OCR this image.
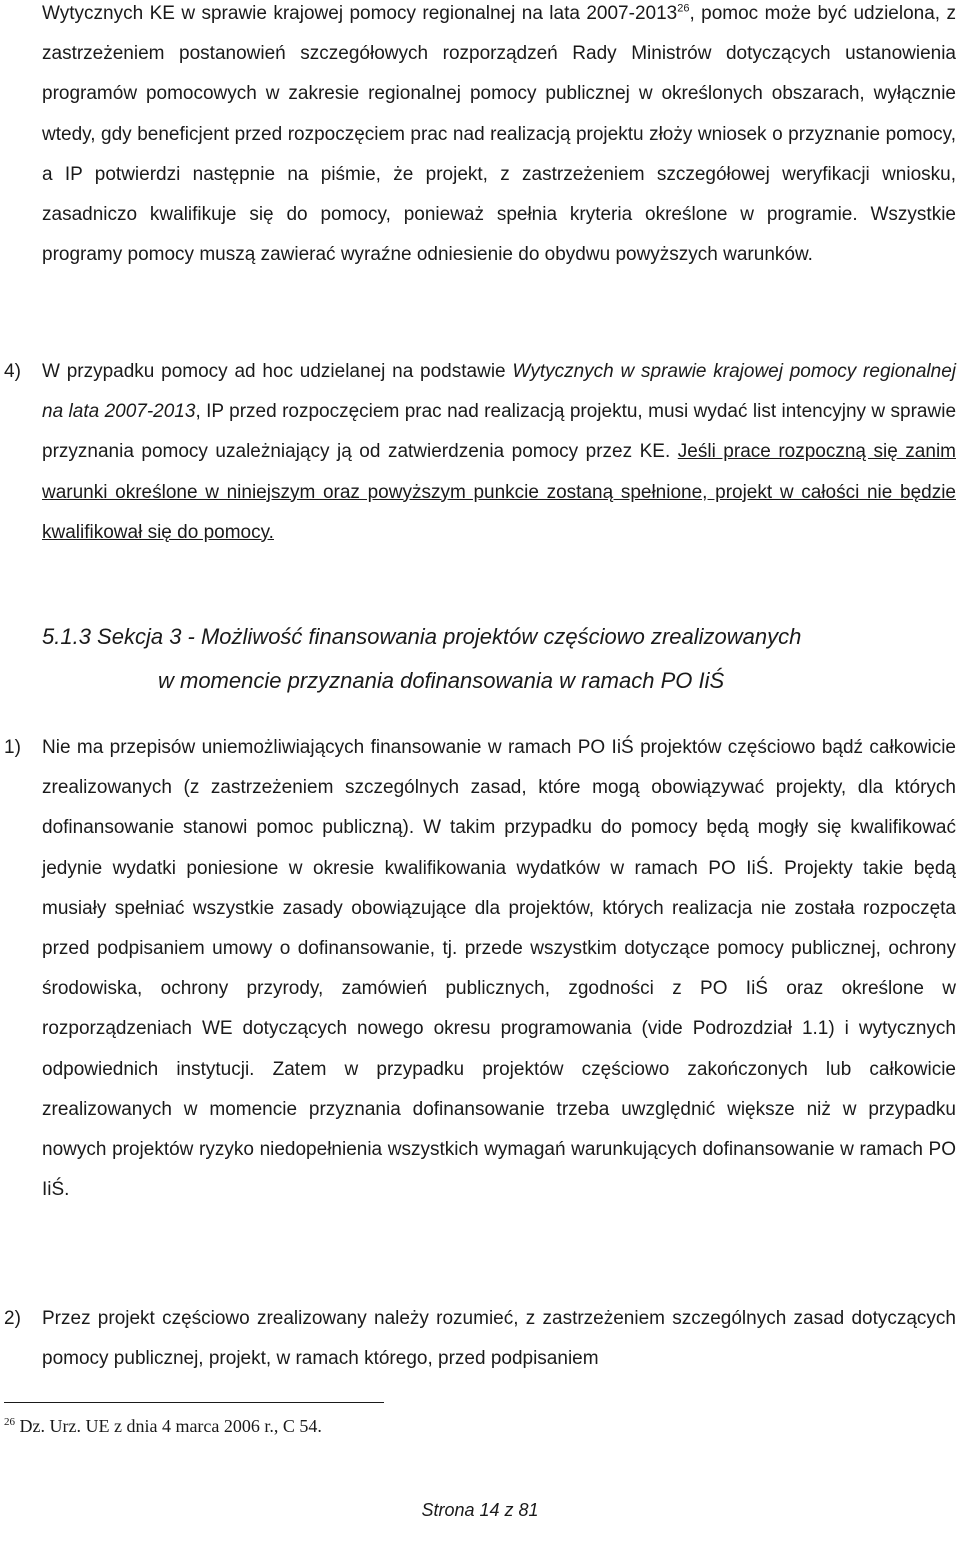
Wytycznych KE w sprawie krajowej pomocy regionalnej na lata 2007-2013$^{26}$, pomoc może być udzielona, z zastrzeżeniem postanowień szczegółowych rozporządzeń Rady Ministrów dotyczących ustanowienia programów pomocowych w zakresie regionalnej pomocy publicznej w określonych obszarach, wyłącznie wtedy, gdy beneficjent przed rozpoczęciem prac nad realizacją projektu złoży wniosek o przyznanie pomocy, a IP potwierdzi następnie na piśmie, że projekt, z zastrzeżeniem szczegółowej weryfikacji wniosku, zasadniczo kwalifikuje się do pomocy, ponieważ spełnia kryteria określone w programie. Wszystkie programy pomocy muszą zawierać wyraźne odniesienie do obydwu powyższych warunków.

4) W przypadku pomocy ad hoc udzielanej na podstawie Wytycznych w sprawie krajowej pomocy regionalnej na lata 2007-2013, IP przed rozpoczęciem prac nad realizacją projektu, musi wydać list intencyjny w sprawie przyznania pomocy uzależniający ją od zatwierdzenia pomocy przez KE. Jeśli prace rozpoczną się zanim warunki określone w niniejszym oraz powyższym punkcie zostaną spełnione, projekt w całości nie będzie kwalifikował się do pomocy.

5.1.3 Sekcja 3 - Możliwość finansowania projektów częściowo zrealizowanych
w momencie przyznania dofinansowania w ramach PO IiŚ
1) Nie ma przepisów uniemożliwiających finansowanie w ramach PO IiŚ projektów częściowo bądź całkowicie zrealizowanych (z zastrzeżeniem szczególnych zasad, które mogą obowiązywać projekty, dla których dofinansowanie stanowi pomoc publiczną). W takim przypadku do pomocy będą mogły się kwalifikować jedynie wydatki poniesione w okresie kwalifikowania wydatków w ramach PO IiŚ. Projekty takie będą musiały spełniać wszystkie zasady obowiązujące dla projektów, których realizacja nie została rozpoczęta przed podpisaniem umowy o dofinansowanie, tj. przede wszystkim dotyczące pomocy publicznej, ochrony środowiska, ochrony przyrody, zamówień publicznych, zgodności z PO IiŚ oraz określone w rozporządzeniach WE dotyczących nowego okresu programowania (vide Podrozdział 1.1) i wytycznych odpowiednich instytucji. Zatem w przypadku projektów częściowo zakończonych lub całkowicie zrealizowanych w momencie przyznania dofinansowanie trzeba uwzględnić większe niż w przypadku nowych projektów ryzyko niedopełnienia wszystkich wymagań warunkujących dofinansowanie w ramach PO IiŚ.

2) Przez projekt częściowo zrealizowany należy rozumieć, z zastrzeżeniem szczególnych zasad dotyczących pomocy publicznej, projekt, w ramach którego, przed podpisaniem

$^{26}$ Dz. Urz. UE z dnia 4 marca 2006 r., C 54.
Strona 14 z 81
